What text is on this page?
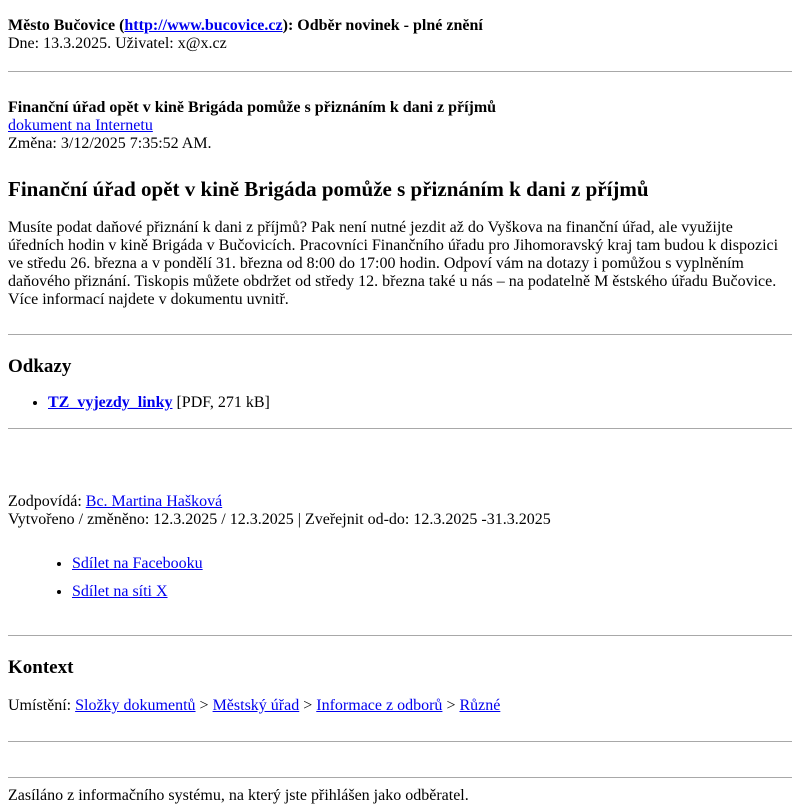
Město Bučovice (http://www.bucovice.cz): Odběr novinek - plné znění
Dne: 13.3.2025. Uživatel: x@x.cz
Finanční úřad opět v kině Brigáda pomůže s přiznáním k dani z příjmů
dokument na Internetu
Změna: 3/12/2025 7:35:52 AM.
Finanční úřad opět v kině Brigáda pomůže s přiznáním k dani z příjmů

Musíte podat daňové přiznání k dani z příjmů? Pak není nutné jezdit až do Vyškova na finanční úřad, ale využijte úředních hodin v kině Brigáda v Bučovicích. Pracovníci Finančního úřadu pro Jihomoravský kraj tam budou k dispozici ve středu 26. března a v pondělí 31. března od 8:00 do 17:00 hodin. Odpoví vám na dotazy i pomůžou s vyplněním daňového přiznání. Tiskopis můžete obdržet od středy 12. března také u nás – na podatelně M ěstského úřadu Bučovice. Více informací najdete v dokumentu uvnitř.

Odkazy
• TZ_vyjezdy_linky [PDF, 271 kB]
Zodpovídá: Bc. Martina Hašková
Vytvořeno / změněno: 12.3.2025 / 12.3.2025 | Zveřejnit od-do: 12.3.2025 -31.3.2025
• Sdílet na Facebooku
• Sdílet na síti X
Kontext
Umístění: Složky dokumentů > Městský úřad > Informace z odborů > Různé
Zasíláno z informačního systému, na který jste přihlášen jako odběratel.
